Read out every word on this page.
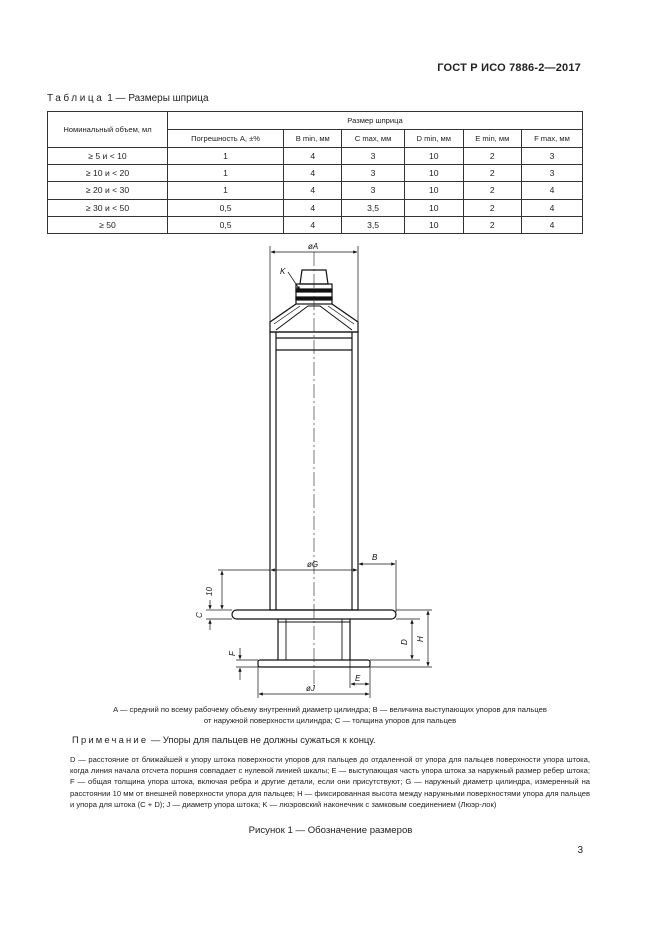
ГОСТ Р ИСО 7886-2—2017
Таблица 1 — Размеры шприца
Номинальный объем, мл	Размер шприца					
	Погрешность A, ±%	B min, мм	C max, мм	D min, мм	E min, мм	F max, мм
≥ 5 и < 10	1	4	3	10	2	3
≥ 10 и < 20	1	4	3	10	2	3
≥ 20 и < 30	1	4	3	10	2	4
≥ 30 и < 50	0,5	4	3,5	10	2	4
≥ 50	0,5	4	3,5	10	2	4
øA
K
B
øG
10
C
D
H
F
E
øJ
A — средний по всему рабочему объему внутренний диаметр цилиндра; B — величина выступающих упоров для пальцев
от наружной поверхности цилиндра; C — толщина упоров для пальцев
Примечание — Упоры для пальцев не должны сужаться к концу.
D — расстояние от ближайшей к упору штока поверхности упоров для пальцев до отдаленной от упора для пальцев поверхности упора штока, когда линия начала отсчета поршня совпадает с нулевой линией шкалы; E — выступающая часть упора штока за наружный размер ребер штока; F — общая толщина упора штока, включая ребра и другие детали, если они присутствуют; G — наружный диаметр цилиндра, измеренный на расстоянии 10 мм от внешней поверхности упора для пальцев; H — фиксированная высота между наружными поверхностями упора для пальцев и упора для штока (C + D); J — диаметр упора штока; K — люэровский наконечник с замковым соединением (Люэр-лок)
Рисунок 1 — Обозначение размеров
3
